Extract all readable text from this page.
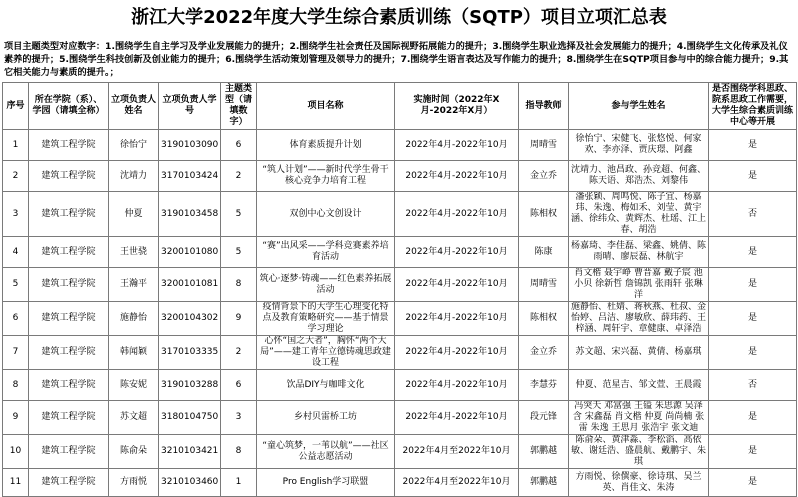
浙江大学2022年度大学生综合素质训练（SQTP）项目立项汇总表
项目主题类型对应数字：1.围绕学生自主学习及学业发展能力的提升；2.围绕学生社会责任及国际视野拓展能力的提升；3.围绕学生职业选择及社会发展能力的提升；4.围绕学生文化传承及礼仪素养的提升；5.围绕学生科技创新及创业能力的提升；6.围绕学生活动策划管理及领导力的提升；7.围绕学生语言表达及写作能力的提升；8.围绕学生在SQTP项目参与中的综合能力提升；9.其它相关能力与素质的提升。；
序号	所在学院（系）、学园（请填全称）	立项负责人姓名	立项负责人学号	主题类型（请填数字）	项目名称	实施时间（2022年X月-2022年X月）	指导教师	参与学生姓名	是否围绕学科思政、院系思政工作需要，大学生综合素质训练中心等开展
1	建筑工程学院	徐怡宁	3190103090	6	体育素质提升计划	2022年4月-2022年10月	周晴雪	徐怡宁、宋健飞、张悠悦、何家欢、李亦泽、贾庆璟、阿鑫	是
2	建筑工程学院	沈靖力	3170103424	2	“筑人计划”——新时代学生骨干核心竞争力培育工程	2022年4月-2022年10月	金立乔	沈靖力、池昌政、孙竞超、何鑫、陈天语、郑浩杰、刘黎伟	是
3	建筑工程学院	仲夏	3190103458	5	双创中心文创设计	2022年4月-2022年10月	陈相权	潘张颖、周鸣悦、陈子宜、杨嘉玮、朱逸、梅如禾、刘莹、黄宇涵、徐纬众、黄辉杰、杜瑶、江上春、胡浩	否
4	建筑工程学院	王世骁	3200101080	5	“赛”出风采——学科竞赛素养培育活动	2022年4月-2022年10月	陈康	杨嘉琦、李佳磊、梁鑫、姚倩、陈雨晴、廖辰磊、林航宇	是
5	建筑工程学院	王瀚平	3200101081	8	筑心·逐梦·铸魂——红色素养拓展活动	2022年4月-2022年10月	周晴雪	肖文楷 聂宇峥 曹晋嘉 戴子宸 池小贝 徐新哲 詹锦凯 张雨轩 张琳洋	是
6	建筑工程学院	施静怡	3200104302	9	疫情背景下的大学生心理变化特点及教育策略研究——基于情景学习理论	2022年4月-2022年10月	陈相权	施静怡、杜婧、蒋秋燕、杜叔、金怡婷、吕洁、廖敏欣、薛玮药、王梓涵、周轩宇、章健康、卓泽浩	是
7	建筑工程学院	韩闻颖	3170103335	2	心怀“国之大者”，胸怀“两个大局”——建工青年立德铸魂思政建设工程	2022年4月-2022年10月	金立乔	苏文超、宋兴磊、黄倩、杨嘉琪	是
8	建筑工程学院	陈安妮	3190103288	6	饮品DIY与咖啡文化	2022年4月-2022年10月	李慧芬	仲夏、范星吉、邹文萱、王晨霞	否
9	建筑工程学院	苏文超	3180104750	3	乡村贝雷桥工坊	2022年4月-2022年10月	段元锋	冯突天 邓富强 王镒 朱思源 吴泽含 宋鑫磊 肖文楷 仲夏 尚尚楠 张雷 朱逸 王思月 张浩宇 张文迪	是
10	建筑工程学院	陈俞朵	3210103421	8	“童心筑梦，一苇以航”——社区公益志愿活动	2022年4月至2022年10月	郭鹏越	陈俞朵、黄津淼、李松滔、高依敏、谢廷浩、盛晨航、戴鹏宇、朱琪	是
11	建筑工程学院	方雨悦	3210103460	1	Pro English学习联盟	2022年4月至2022年10月	郭鹏越	方雨悦、徐僎豪、徐诗琪、吴兰英、肖佳文、朱涛	是
